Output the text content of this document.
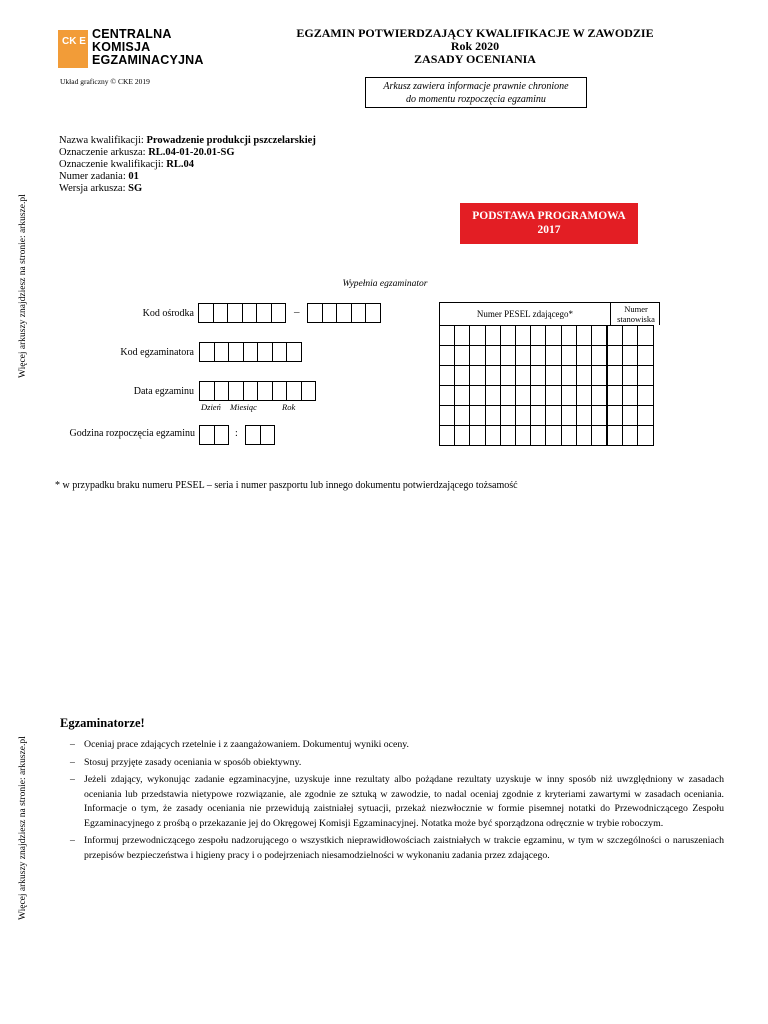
CK E
CENTRALNA
KOMISJA
EGZAMINACYJNA
Układ graficzny © CKE 2019
EGZAMIN POTWIERDZAJĄCY KWALIFIKACJE W ZAWODZIE
Rok 2020
ZASADY OCENIANIA
Arkusz zawiera informacje prawnie chronione
do momentu rozpoczęcia egzaminu
Nazwa kwalifikacji: Prowadzenie produkcji pszczelarskiej
Oznaczenie arkusza: RL.04-01-20.01-SG
Oznaczenie kwalifikacji: RL.04
Numer zadania: 01
Wersja arkusza: SG
PODSTAWA PROGRAMOWA
2017
Wypełnia egzaminator
Kod ośrodka	–
Kod egzaminatora
Data egzaminu
Dzień Miesiąc	Rok
Godzina rozpoczęcia egzaminu	:
Numer PESEL zdającego*	Numer stanowiska

* w przypadku braku numeru PESEL – seria i numer paszportu lub innego dokumentu potwierdzającego tożsamość
Więcej arkuszy znajdziesz na stronie: arkusze.pl
Więcej arkuszy znajdziesz na stronie: arkusze.pl
Egzaminatorze!
– Oceniaj prace zdających rzetelnie i z zaangażowaniem. Dokumentuj wyniki oceny.
– Stosuj przyjęte zasady oceniania w sposób obiektywny.
– Jeżeli zdający, wykonując zadanie egzaminacyjne, uzyskuje inne rezultaty albo pożądane rezultaty uzyskuje w inny sposób niż uwzględniony w zasadach oceniania lub przedstawia nietypowe rozwiązanie, ale zgodnie ze sztuką w zawodzie, to nadal oceniaj zgodnie z kryteriami zawartymi w zasadach oceniania. Informacje o tym, że zasady oceniania nie przewidują zaistniałej sytuacji, przekaż niezwłocznie w formie pisemnej notatki do Przewodniczącego Zespołu Egzaminacyjnego z prośbą o przekazanie jej do Okręgowej Komisji Egzaminacyjnej. Notatka może być sporządzona odręcznie w trybie roboczym.
– Informuj przewodniczącego zespołu nadzorującego o wszystkich nieprawidłowościach zaistniałych w trakcie egzaminu, w tym w szczególności o naruszeniach przepisów bezpieczeństwa i higieny pracy i o podejrzeniach niesamodzielności w wykonaniu zadania przez zdającego.
